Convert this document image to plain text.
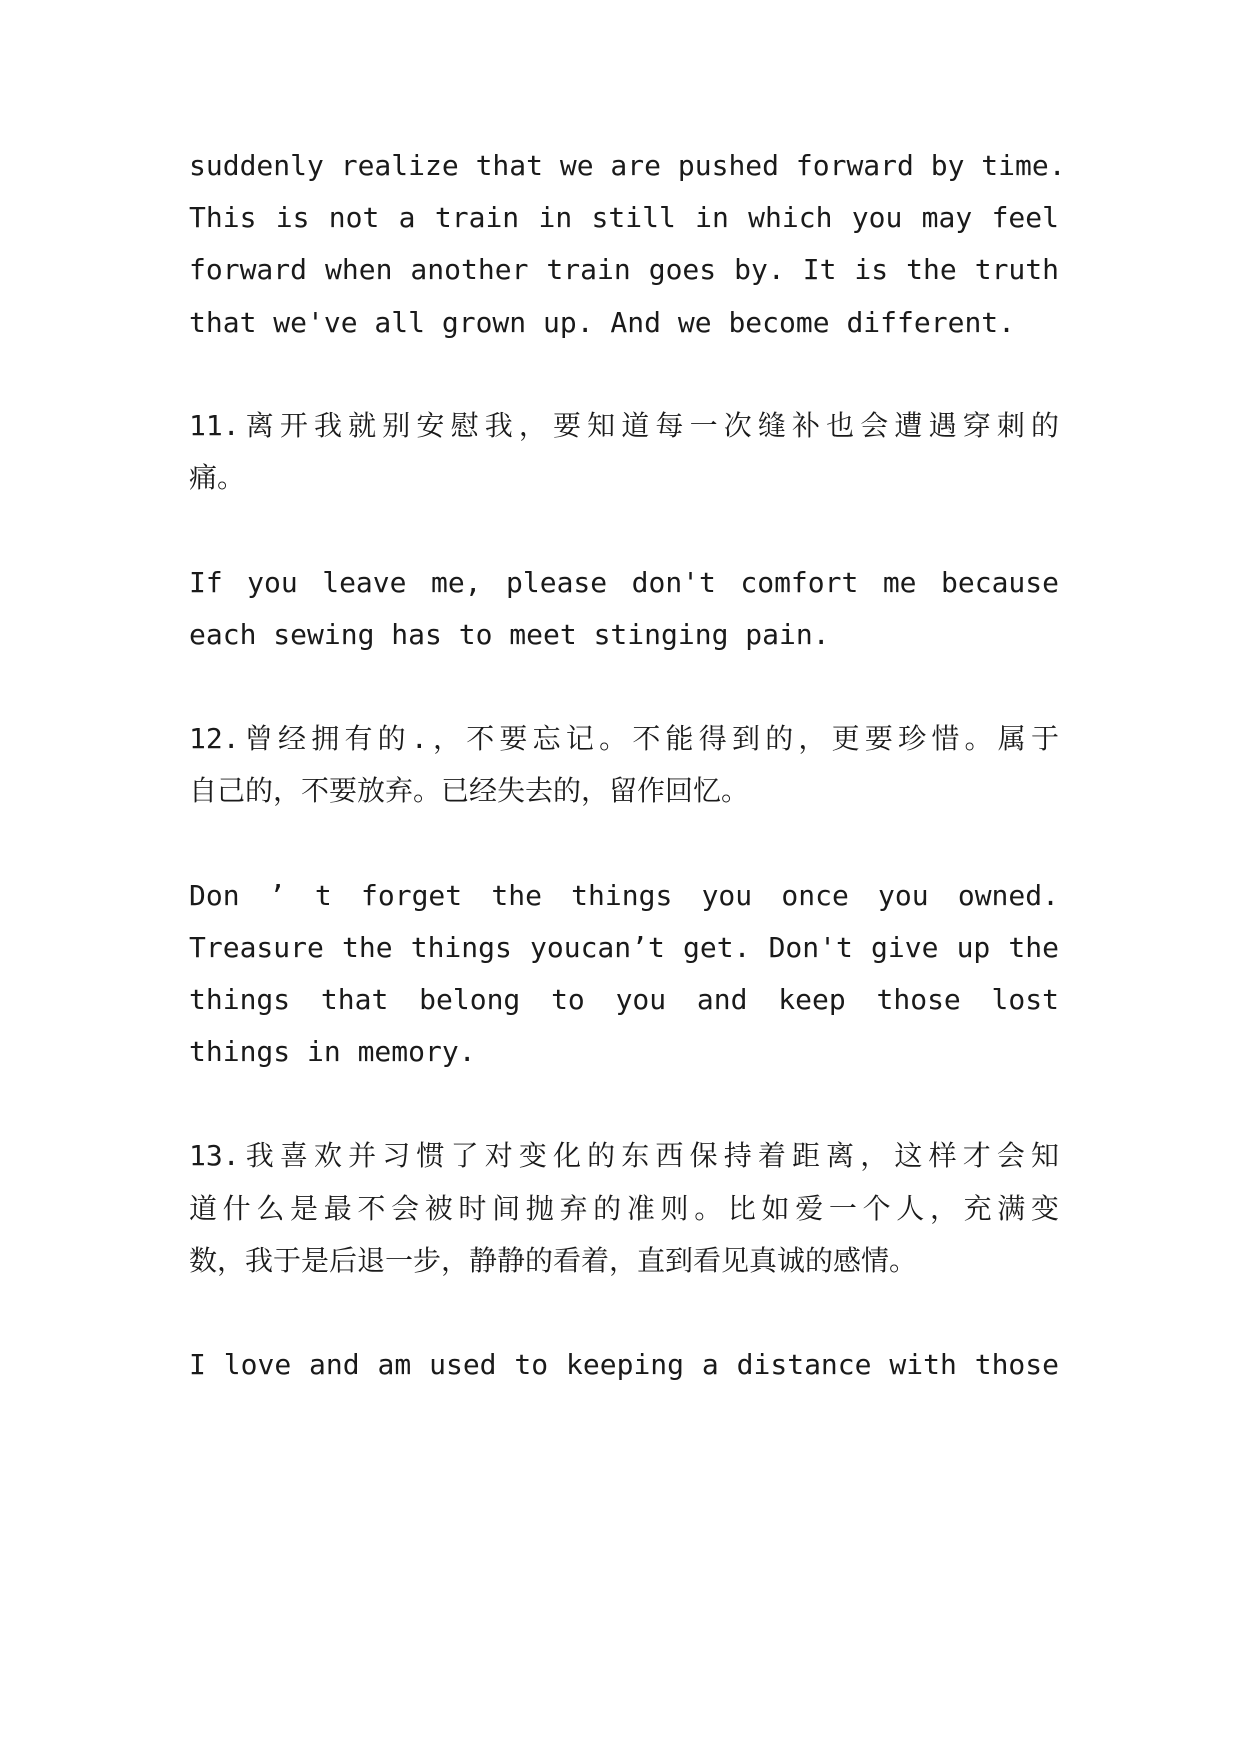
suddenly realize that we are pushed forward by time.
This is not a train in still in which you may feel
forward when another train goes by. It is the truth
that we've all grown up. And we become different.
11.离开我就别安慰我，要知道每一次缝补也会遭遇穿刺的
痛。
If you leave me, please don't comfort me because
each sewing has to meet stinging pain.
12.曾经拥有的.，不要忘记。不能得到的，更要珍惜。属于
自己的，不要放弃。已经失去的，留作回忆。
Don ’ t forget the things you once you owned.
Treasure the things youcan’t get. Don't give up the
things that belong to you and keep those lost
things in memory.
13.我喜欢并习惯了对变化的东西保持着距离，这样才会知
道什么是最不会被时间抛弃的准则。比如爱一个人，充满变
数，我于是后退一步，静静的看着，直到看见真诚的感情。
I love and am used to keeping a distance with those
